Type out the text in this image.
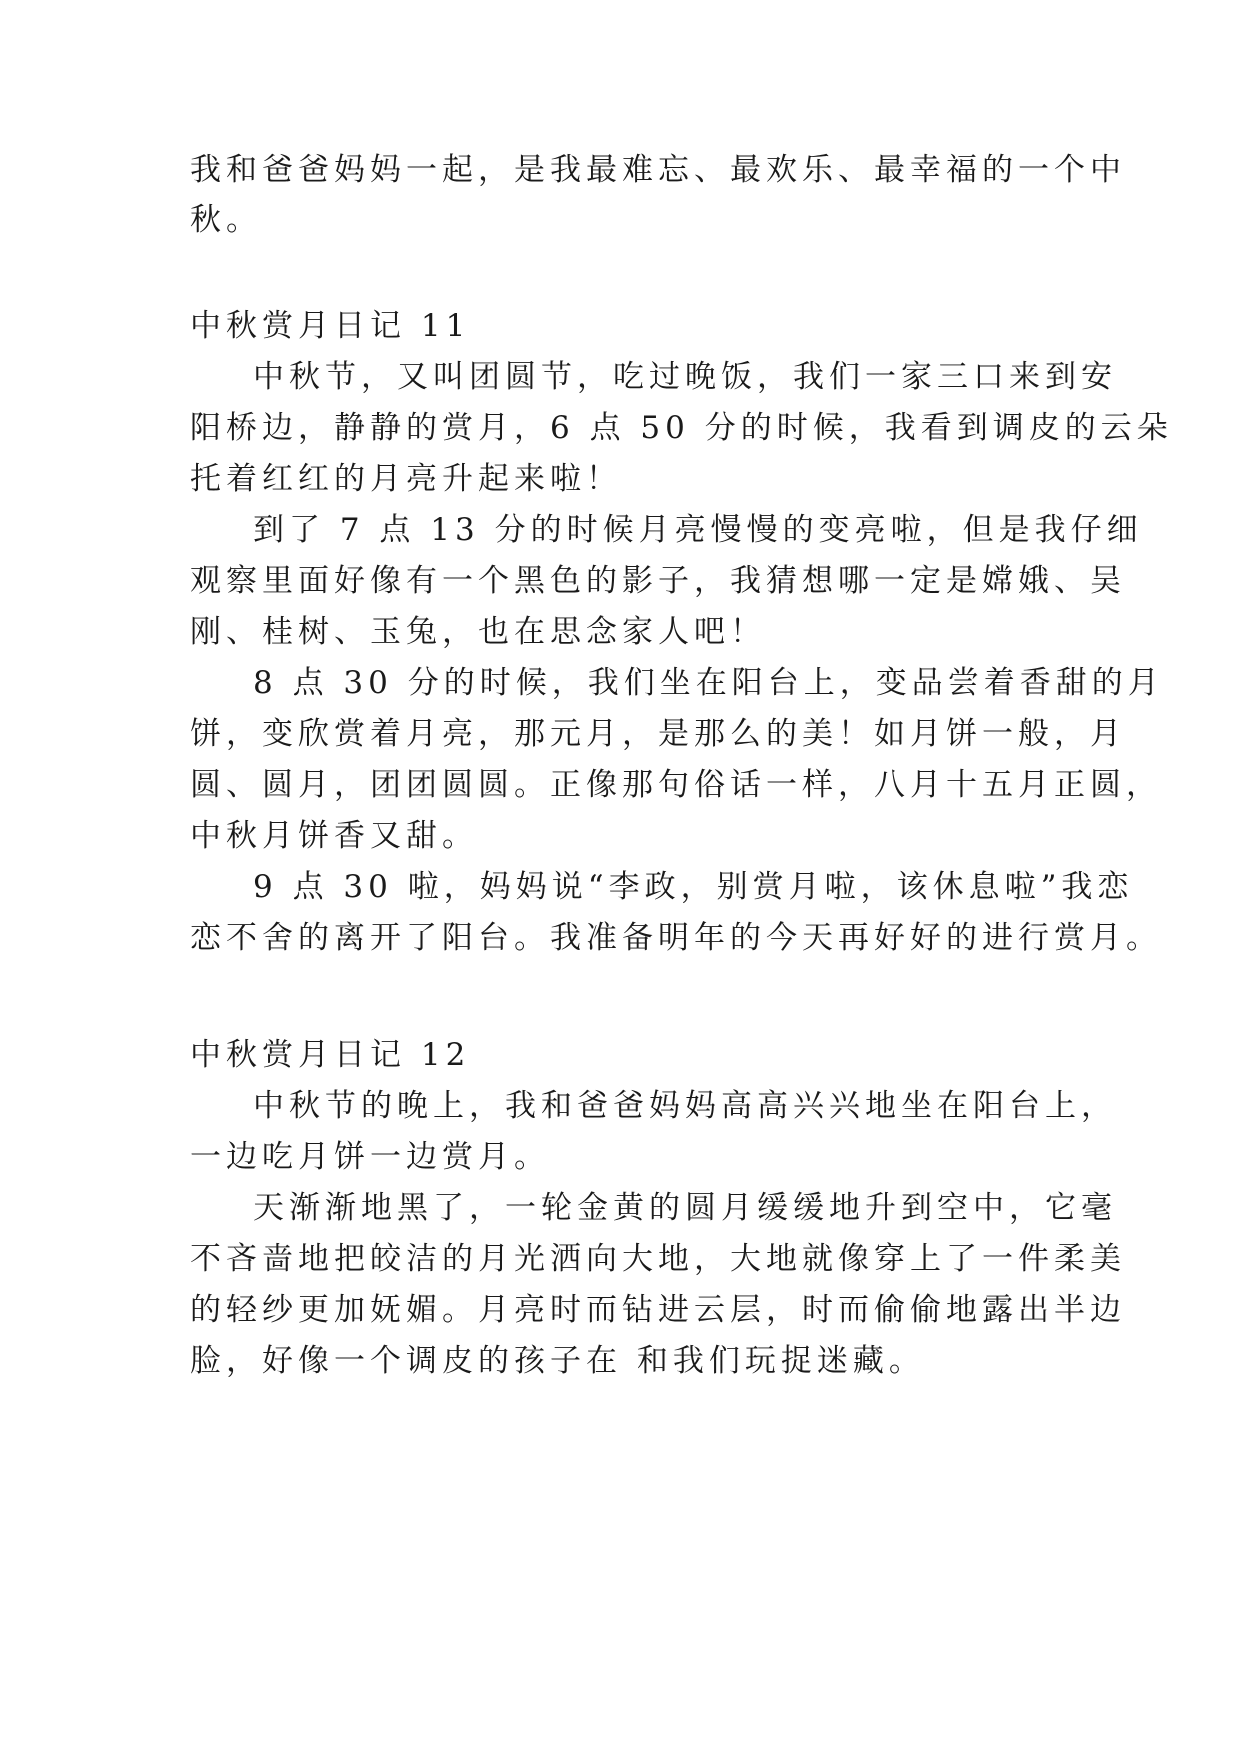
我和爸爸妈妈一起，是我最难忘、最欢乐、最幸福的一个中

秋。

中秋赏月日记 11

中秋节，又叫团圆节，吃过晚饭，我们一家三口来到安

阳桥边，静静的赏月，6 点 50 分的时候，我看到调皮的云朵

托着红红的月亮升起来啦！

到了 7 点 13 分的时候月亮慢慢的变亮啦，但是我仔细

观察里面好像有一个黑色的影子，我猜想哪一定是嫦娥、吴

刚、桂树、玉兔，也在思念家人吧！

8 点 30 分的时候，我们坐在阳台上，变品尝着香甜的月

饼，变欣赏着月亮，那元月，是那么的美！如月饼一般，月

圆、圆月，团团圆圆。正像那句俗话一样，八月十五月正圆，

中秋月饼香又甜。

9 点 30 啦，妈妈说“李政，别赏月啦，该休息啦”我恋

恋不舍的离开了阳台。我准备明年的今天再好好的进行赏月。

中秋赏月日记 12

中秋节的晚上，我和爸爸妈妈高高兴兴地坐在阳台上，

一边吃月饼一边赏月。

天渐渐地黑了，一轮金黄的圆月缓缓地升到空中，它毫

不吝啬地把皎洁的月光洒向大地，大地就像穿上了一件柔美

的轻纱更加妩媚。月亮时而钻进云层，时而偷偷地露出半边

脸，好像一个调皮的孩子在 和我们玩捉迷藏。
